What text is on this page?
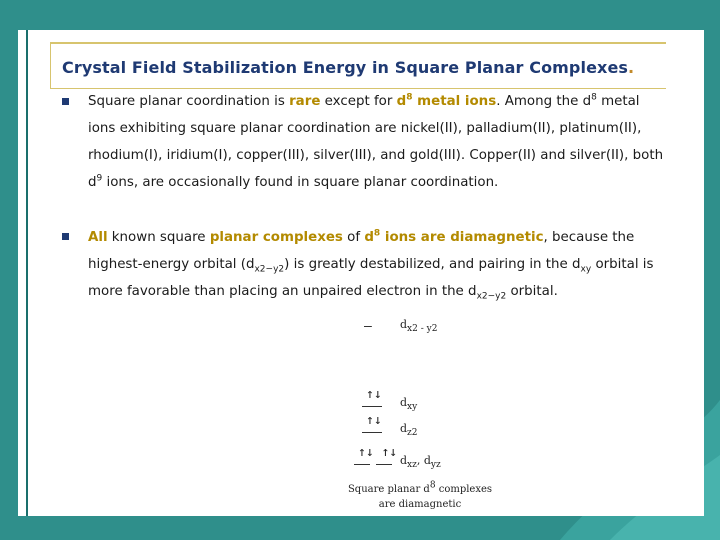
Crystal Field Stabilization Energy in Square Planar Complexes.
Square planar coordination is rare except for $d^8$ metal ions. Among the $d^8$ metal ions exhibiting square planar coordination are nickel(II), palladium(II), platinum(II), rhodium(I), iridium(I), copper(III), silver(III), and gold(III). Copper(II) and silver(II), both $d^9$ ions, are occasionally found in square planar coordination.
All known square planar complexes of $d^8$ ions are diamagnetic, because the highest-energy orbital $(d_{x2-y2})$ is greatly destabilized, and pairing in the $d_{xy}$ orbital is more favorable than placing an unpaired electron in the $d_{x2-y2}$ orbital.
—	$d_{x2 - y2}$
↑↓
$d_{xy}$
↑↓
$d_{z2}$
↑↓ ↑↓
$d_{xz}$, $d_{yz}$
Square planar $d^8$ complexes
are diamagnetic
